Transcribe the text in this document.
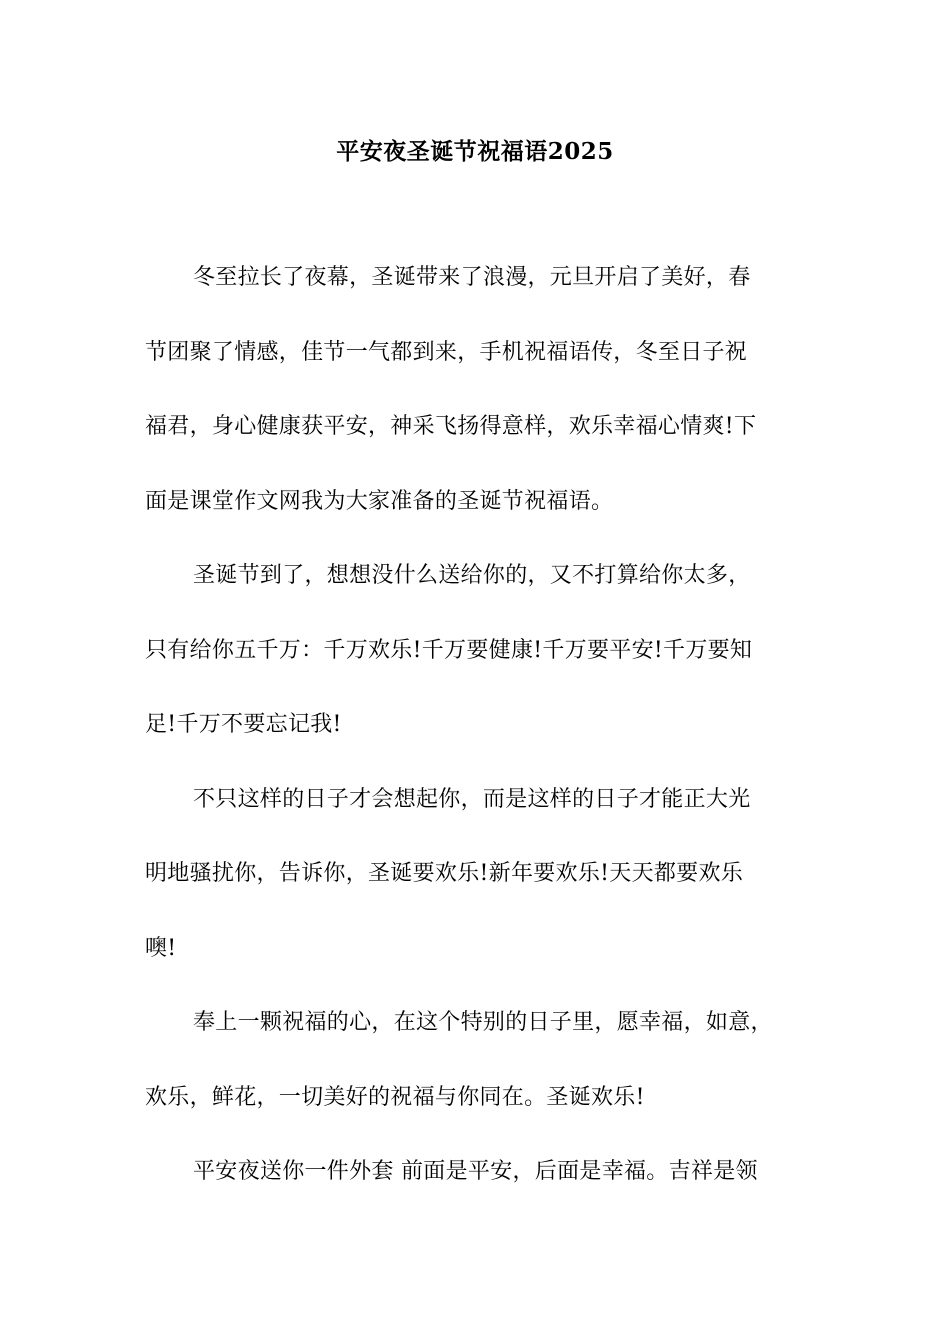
平安夜圣诞节祝福语2025
冬至拉长了夜幕，圣诞带来了浪漫，元旦开启了美好，春
节团聚了情感，佳节一气都到来，手机祝福语传，冬至日子祝
福君，身心健康获平安，神采飞扬得意样，欢乐幸福心情爽!下
面是课堂作文网我为大家准备的圣诞节祝福语。
圣诞节到了，想想没什么送给你的，又不打算给你太多，
只有给你五千万：千万欢乐!千万要健康!千万要平安!千万要知
足!千万不要忘记我!
不只这样的日子才会想起你，而是这样的日子才能正大光
明地骚扰你，告诉你，圣诞要欢乐!新年要欢乐!天天都要欢乐
噢!
奉上一颗祝福的心，在这个特别的日子里，愿幸福，如意，
欢乐，鲜花，一切美好的祝福与你同在。圣诞欢乐!
平安夜送你一件外套 前面是平安，后面是幸福。吉祥是领
